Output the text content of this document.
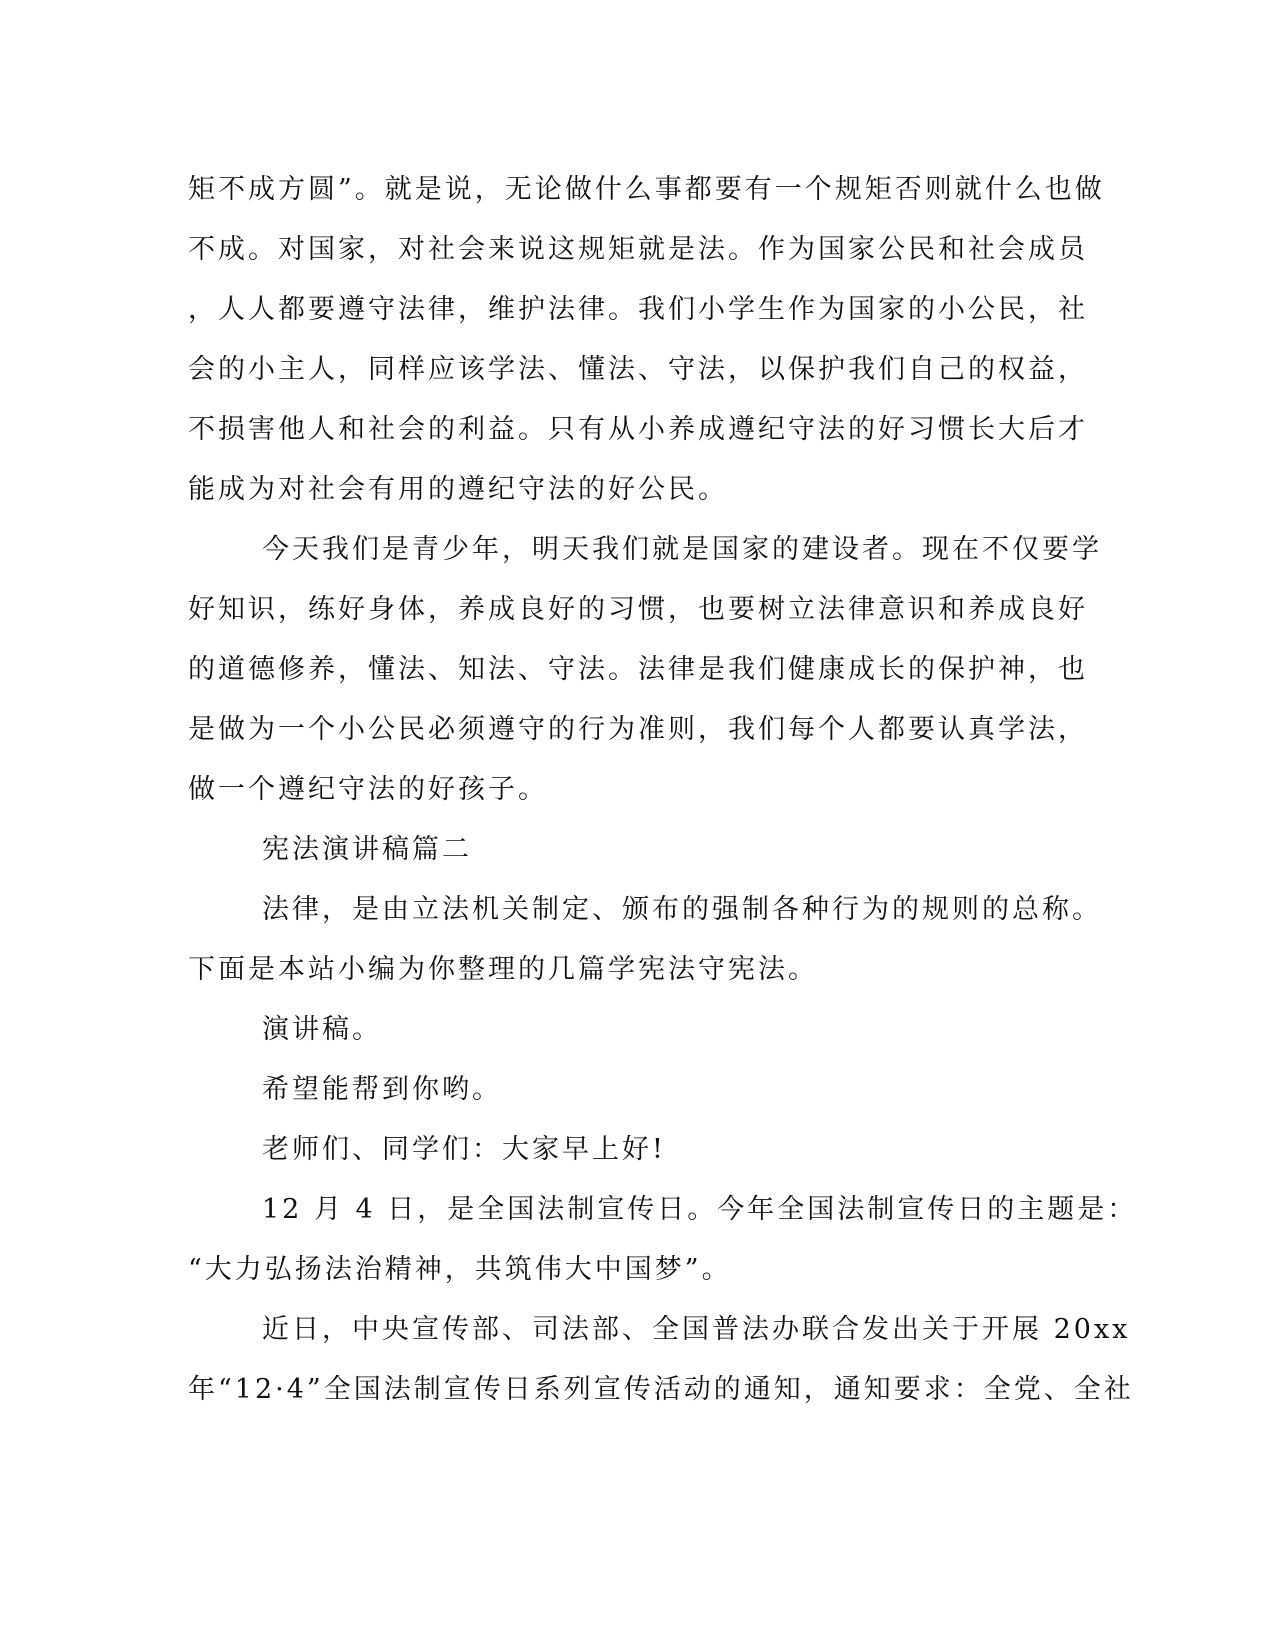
矩不成方圆”。就是说，无论做什么事都要有一个规矩否则就什么也做
不成。对国家，对社会来说这规矩就是法。作为国家公民和社会成员
，人人都要遵守法律，维护法律。我们小学生作为国家的小公民，社
会的小主人，同样应该学法、懂法、守法，以保护我们自己的权益，
不损害他人和社会的利益。只有从小养成遵纪守法的好习惯长大后才
能成为对社会有用的遵纪守法的好公民。
今天我们是青少年，明天我们就是国家的建设者。现在不仅要学
好知识，练好身体，养成良好的习惯，也要树立法律意识和养成良好
的道德修养，懂法、知法、守法。法律是我们健康成长的保护神，也
是做为一个小公民必须遵守的行为准则，我们每个人都要认真学法，
做一个遵纪守法的好孩子。
宪法演讲稿篇二
法律，是由立法机关制定、颁布的强制各种行为的规则的总称。
下面是本站小编为你整理的几篇学宪法守宪法。
演讲稿。
希望能帮到你哟。
老师们、同学们：大家早上好!
12 月 4 日，是全国法制宣传日。今年全国法制宣传日的主题是：
“大力弘扬法治精神，共筑伟大中国梦”。
近日，中央宣传部、司法部、全国普法办联合发出关于开展 20xx
年“12·4”全国法制宣传日系列宣传活动的通知，通知要求：全党、全社
